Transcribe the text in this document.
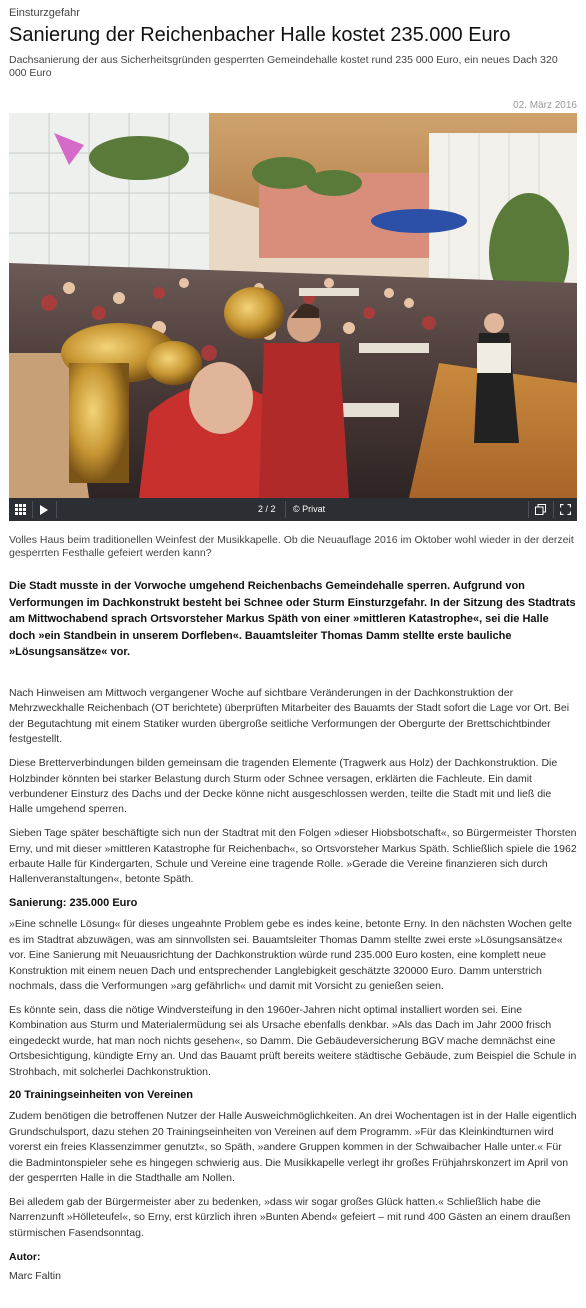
Einsturzgefahr
Sanierung der Reichenbacher Halle kostet 235.000 Euro
Dachsanierung der aus Sicherheitsgründen gesperrten Gemeindehalle kostet rund 235 000 Euro, ein neues Dach 320 000 Euro
02. März 2016
2 / 2 © Privat
Volles Haus beim traditionellen Weinfest der Musikkapelle. Ob die Neuauflage 2016 im Oktober wohl wieder in der derzeit gesperrten Festhalle gefeiert werden kann?
Die Stadt musste in der Vorwoche umgehend Reichenbachs Gemeindehalle sperren. Aufgrund von Verformungen im Dachkonstrukt besteht bei Schnee oder Sturm Einsturzgefahr. In der Sitzung des Stadtrats am Mittwochabend sprach Ortsvorsteher Markus Späth von einer »mittleren Katastrophe«, sei die Halle doch »ein Standbein in unserem Dorfleben«. Bauamtsleiter Thomas Damm stellte erste bauliche »Lösungsansätze« vor.

Nach Hinweisen am Mittwoch vergangener Woche auf sichtbare Veränderungen in der Dachkonstruktion der Mehrzweckhalle Reichenbach (OT berichtete) überprüften Mitarbeiter des Bauamts der Stadt sofort die Lage vor Ort. Bei der Begutachtung mit einem Statiker wurden übergroße seitliche Verformungen der Obergurte der Brettschichtbinder festgestellt.

Diese Bretterverbindungen bilden gemeinsam die tragenden Elemente (Tragwerk aus Holz) der Dachkonstruktion. Die Holzbinder könnten bei starker Belastung durch Sturm oder Schnee versagen, erklärten die Fachleute. Ein damit verbundener Einsturz des Dachs und der Decke könne nicht ausgeschlossen werden, teilte die Stadt mit und ließ die Halle umgehend sperren.

Sieben Tage später beschäftigte sich nun der Stadtrat mit den Folgen »dieser Hiobsbotschaft«, so Bürgermeister Thorsten Erny, und mit dieser »mittleren Katastrophe für Reichenbach«, so Ortsvorsteher Markus Späth. Schließlich spiele die 1962 erbaute Halle für Kindergarten, Schule und Vereine eine tragende Rolle. »Gerade die Vereine finanzieren sich durch Hallenveranstaltungen«, betonte Späth.

Sanierung: 235.000 Euro

»Eine schnelle Lösung« für dieses ungeahnte Problem gebe es indes keine, betonte Erny. In den nächsten Wochen gelte es im Stadtrat abzuwägen, was am sinnvollsten sei. Bauamtsleiter Thomas Damm stellte zwei erste »Lösungsansätze« vor. Eine Sanierung mit Neuausrichtung der Dachkonstruktion würde rund 235.000 Euro kosten, eine komplett neue Konstruktion mit einem neuen Dach und entsprechender Langlebigkeit geschätzte 320000 Euro. Damm unterstrich nochmals, dass die Verformungen »arg gefährlich« und damit mit Vorsicht zu genießen seien.

Es könnte sein, dass die nötige Windversteifung in den 1960er-Jahren nicht optimal installiert worden sei. Eine Kombination aus Sturm und Materialermüdung sei als Ursache ebenfalls denkbar. »Als das Dach im Jahr 2000 frisch eingedeckt wurde, hat man noch nichts gesehen«, so Damm. Die Gebäudeversicherung BGV mache demnächst eine Ortsbesichtigung, kündigte Erny an. Und das Bauamt prüft bereits weitere städtische Gebäude, zum Beispiel die Schule in Strohbach, mit solcherlei Dachkonstruktion.

20 Trainingseinheiten von Vereinen

Zudem benötigen die betroffenen Nutzer der Halle Ausweichmöglichkeiten. An drei Wochentagen ist in der Halle eigentlich Grundschulsport, dazu stehen 20 Trainingseinheiten von Vereinen auf dem Programm. »Für das Kleinkindturnen wird vorerst ein freies Klassenzimmer genutzt«, so Späth, »andere Gruppen kommen in der Schwaibacher Halle unter.« Für die Badmintonspieler sehe es hingegen schwierig aus. Die Musikkapelle verlegt ihr großes Frühjahrskonzert im April von der gesperrten Halle in die Stadthalle am Nollen.

Bei alledem gab der Bürgermeister aber zu bedenken, »dass wir sogar großes Glück hatten.« Schließlich habe die Narrenzunft »Hölleteufel«, so Erny, erst kürzlich ihren »Bunten Abend« gefeiert – mit rund 400 Gästen an einem draußen stürmischen Fasendsonntag.

Autor:
Marc Faltin
